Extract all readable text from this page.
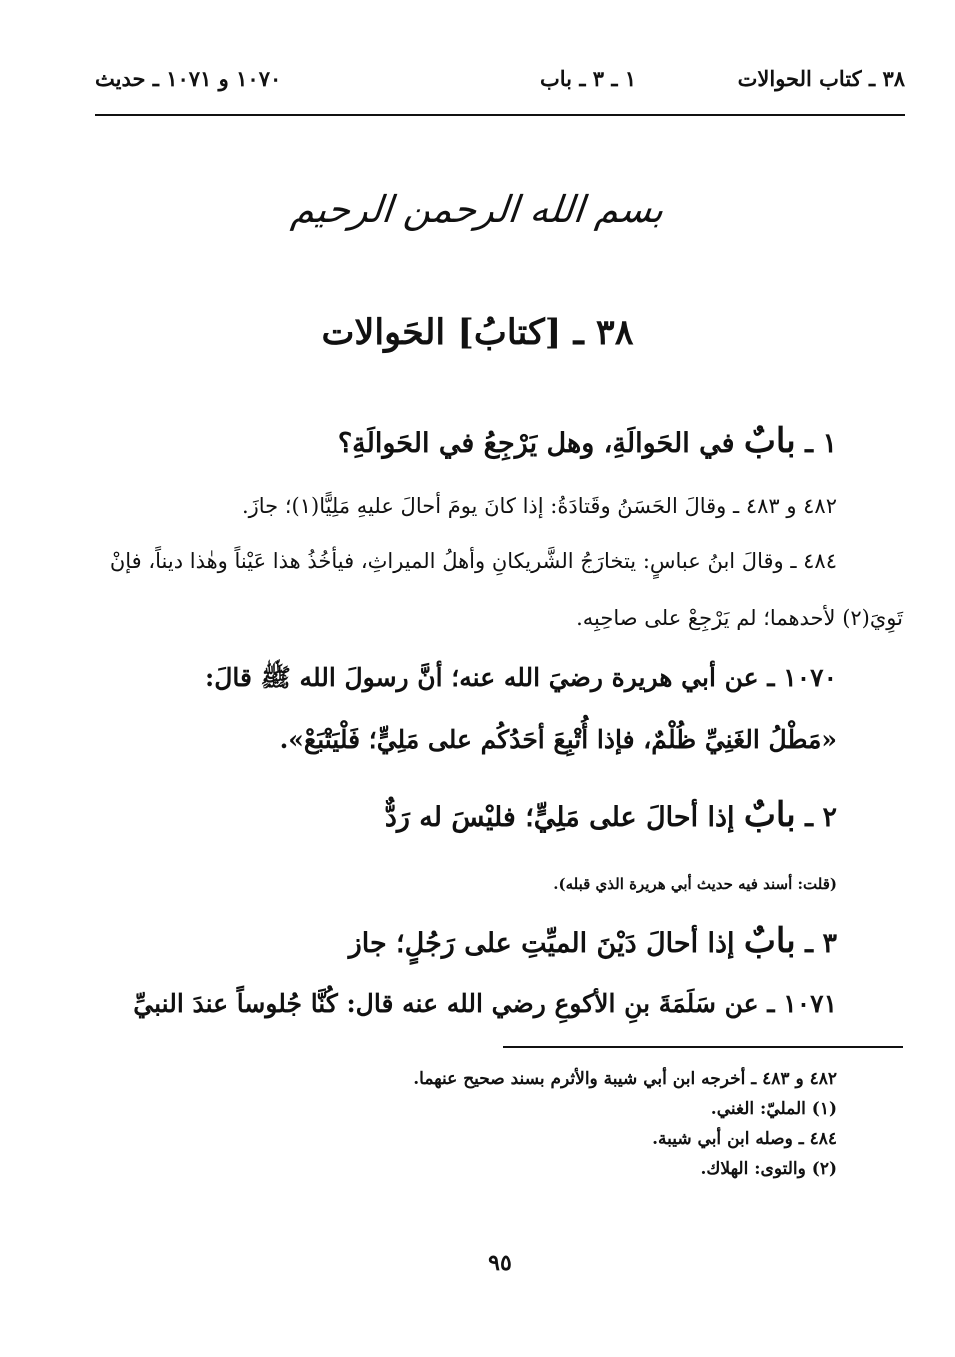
٣٨ ـ كتاب الحوالات
١ ـ ٣ ـ باب
١٠٧٠ و ١٠٧١ ـ حديث
بسم الله الرحمن الرحيم
٣٨ ـ [كتابُ] الحَوالات
١ ـ بابٌ في الحَوالَةِ، وهل يَرْجِعُ في الحَوالَةِ؟
٤٨٢ و ٤٨٣ ـ وقالَ الحَسَنُ وقَتادَةُ: إذا كانَ يومَ أحالَ عليهِ مَلِيًّا(١)؛ جازَ.
٤٨٤ ـ وقالَ ابنُ عباسٍ: يتخارَجُ الشَّريكانِ وأهلُ الميراثِ، فيأخُذُ هذا عَيْناً وهٰذا ديناً، فإنْ
تَوِيَ(٢) لأحدهما؛ لم يَرْجِعْ على صاحِبِه.
١٠٧٠ ـ عن أبي هريرة رضيَ الله عنه؛ أنَّ رسولَ الله ﷺ قالَ:
«مَطْلُ الغَنِيِّ ظُلْمٌ، فإذا أُتْبِعَ أحَدُكُم على مَلِيٍّ؛ فَلْيَتْبَعْ».
٢ ـ بابٌ إذا أحالَ على مَلِيٍّ؛ فليْسَ له رَدٌّ
(قلت: أسند فيه حديث أبي هريرة الذي قبله).
٣ ـ بابٌ إذا أحالَ دَيْنَ الميِّتِ على رَجُلٍ؛ جاز
١٠٧١ ـ عن سَلَمَةَ بنِ الأكوعِ رضي الله عنه قال: كُنَّا جُلوساً عندَ النبيِّ
٤٨٢ و ٤٨٣ ـ أخرجه ابن أبي شيبة والأثرم بسند صحيح عنهما.
(١) المليّ: الغني.
٤٨٤ ـ وصله ابن أبي شيبة.
(٢) والتوى: الهلاك.
٩٥
